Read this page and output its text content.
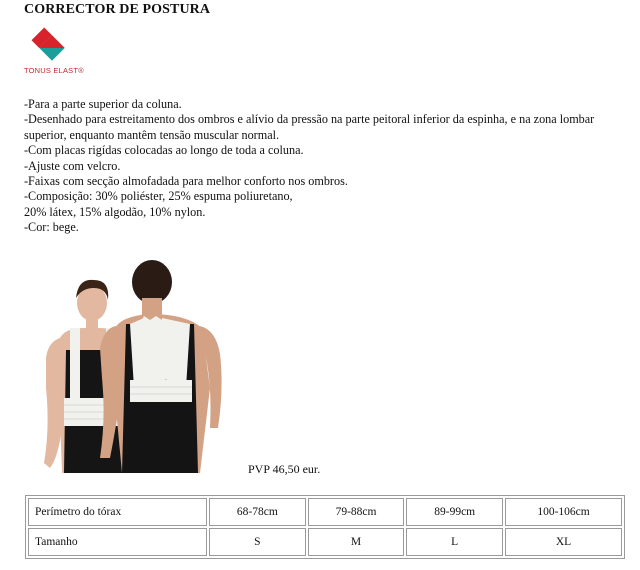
CORRECTOR DE POSTURA
TONUS ELAST®
-Para a parte superior da coluna.
-Desenhado para estreitamento dos ombros e alívio da pressão na parte peitoral inferior da espinha, e na zona lombar superior, enquanto mantêm tensão muscular normal.
-Com placas rigídas colocadas ao longo de toda a coluna.
-Ajuste com velcro.
-Faixas com secção almofadada para melhor conforto nos ombros.
-Composição: 30% poliéster, 25% espuma poliuretano,
20% látex, 15% algodão, 10% nylon.
-Cor: bege.
PVP 46,50 eur.
Perímetro do tórax	68-78cm	79-88cm	89-99cm	100-106cm
Tamanho	S	M	L	XL
